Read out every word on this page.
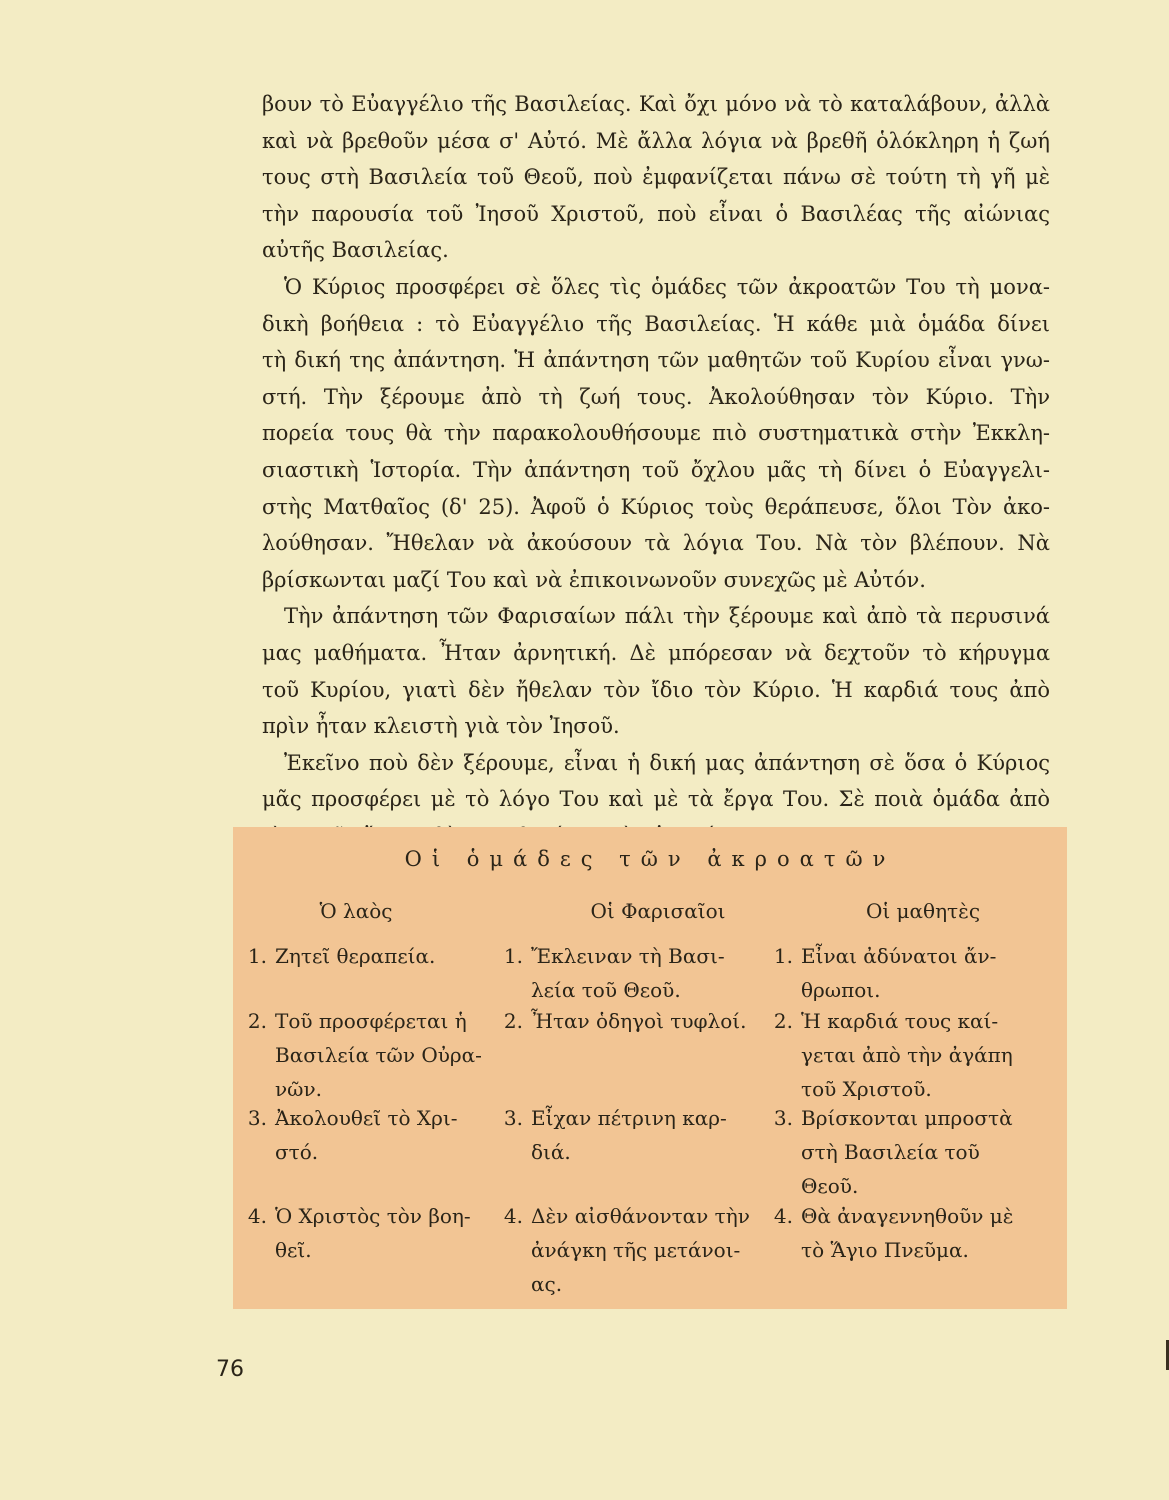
βουν τὸ Εὐαγγέλιο τῆς Βασιλείας. Καὶ ὄχι μόνο νὰ τὸ καταλάβουν, ἀλλὰ
καὶ νὰ βρεθοῦν μέσα σ' Αὐτό. Μὲ ἄλλα λόγια νὰ βρεθῆ ὁλόκληρη ἡ ζωή
τους στὴ Βασιλεία τοῦ Θεοῦ, ποὺ ἐμφανίζεται πάνω σὲ τούτη τὴ γῆ μὲ
τὴν παρουσία τοῦ Ἰησοῦ Χριστοῦ, ποὺ εἶναι ὁ Βασιλέας τῆς αἰώνιας
αὐτῆς Βασιλείας.
Ὁ Κύριος προσφέρει σὲ ὅλες τὶς ὁμάδες τῶν ἀκροατῶν Του τὴ μονα-
δικὴ βοήθεια : τὸ Εὐαγγέλιο τῆς Βασιλείας. Ἡ κάθε μιὰ ὁμάδα δίνει
τὴ δική της ἀπάντηση. Ἡ ἀπάντηση τῶν μαθητῶν τοῦ Κυρίου εἶναι γνω-
στή. Τὴν ξέρουμε ἀπὸ τὴ ζωή τους. Ἀκολούθησαν τὸν Κύριο. Τὴν
πορεία τους θὰ τὴν παρακολουθήσουμε πιὸ συστηματικὰ στὴν Ἐκκλη-
σιαστικὴ Ἱστορία. Τὴν ἀπάντηση τοῦ ὄχλου μᾶς τὴ δίνει ὁ Εὐαγγελι-
στὴς Ματθαῖος (δ' 25). Ἀφοῦ ὁ Κύριος τοὺς θεράπευσε, ὅλοι Τὸν ἀκο-
λούθησαν. Ἤθελαν νὰ ἀκούσουν τὰ λόγια Του. Νὰ τὸν βλέπουν. Νὰ
βρίσκωνται μαζί Του καὶ νὰ ἐπικοινωνοῦν συνεχῶς μὲ Αὐτόν.
Τὴν ἀπάντηση τῶν Φαρισαίων πάλι τὴν ξέρουμε καὶ ἀπὸ τὰ περυσινά
μας μαθήματα. Ἦταν ἀρνητική. Δὲ μπόρεσαν νὰ δεχτοῦν τὸ κήρυγμα
τοῦ Κυρίου, γιατὶ δὲν ἤθελαν τὸν ἴδιο τὸν Κύριο. Ἡ καρδιά τους ἀπὸ
πρὶν ἦταν κλειστὴ γιὰ τὸν Ἰησοῦ.
Ἐκεῖνο ποὺ δὲν ξέρουμε, εἶναι ἡ δική μας ἀπάντηση σὲ ὅσα ὁ Κύριος
μᾶς προσφέρει μὲ τὸ λόγο Του καὶ μὲ τὰ ἔργα Του. Σὲ ποιὰ ὁμάδα ἀπὸ
Οἱ ὁμάδες τῶν ἀκροατῶν
Ὁ λαὸς	Οἱ Φαρισαῖοι	Οἱ μαθητὲς
1. Ζητεῖ θεραπεία.
2. Τοῦ προσφέρεται ἡ
Βασιλεία τῶν Οὐρα-
νῶν.
3. Ἀκολουθεῖ τὸ Χρι-
στό.
4. Ὁ Χριστὸς τὸν βοη-
θεῖ.
1. Ἔκλειναν τὴ Βασι-
λεία τοῦ Θεοῦ.
2. Ἦταν ὁδηγοὶ τυφλοί.
3. Εἶχαν πέτρινη καρ-
διά.
4. Δὲν αἰσθάνονταν τὴν
ἀνάγκη τῆς μετάνοι-
ας.
1. Εἶναι ἀδύνατοι ἄν-
θρωποι.
2. Ἡ καρδιά τους καί-
γεται ἀπὸ τὴν ἀγάπη
τοῦ Χριστοῦ.
3. Βρίσκονται μπροστὰ
στὴ Βασιλεία τοῦ
Θεοῦ.
4. Θὰ ἀναγεννηθοῦν μὲ
τὸ Ἅγιο Πνεῦμα.
76
